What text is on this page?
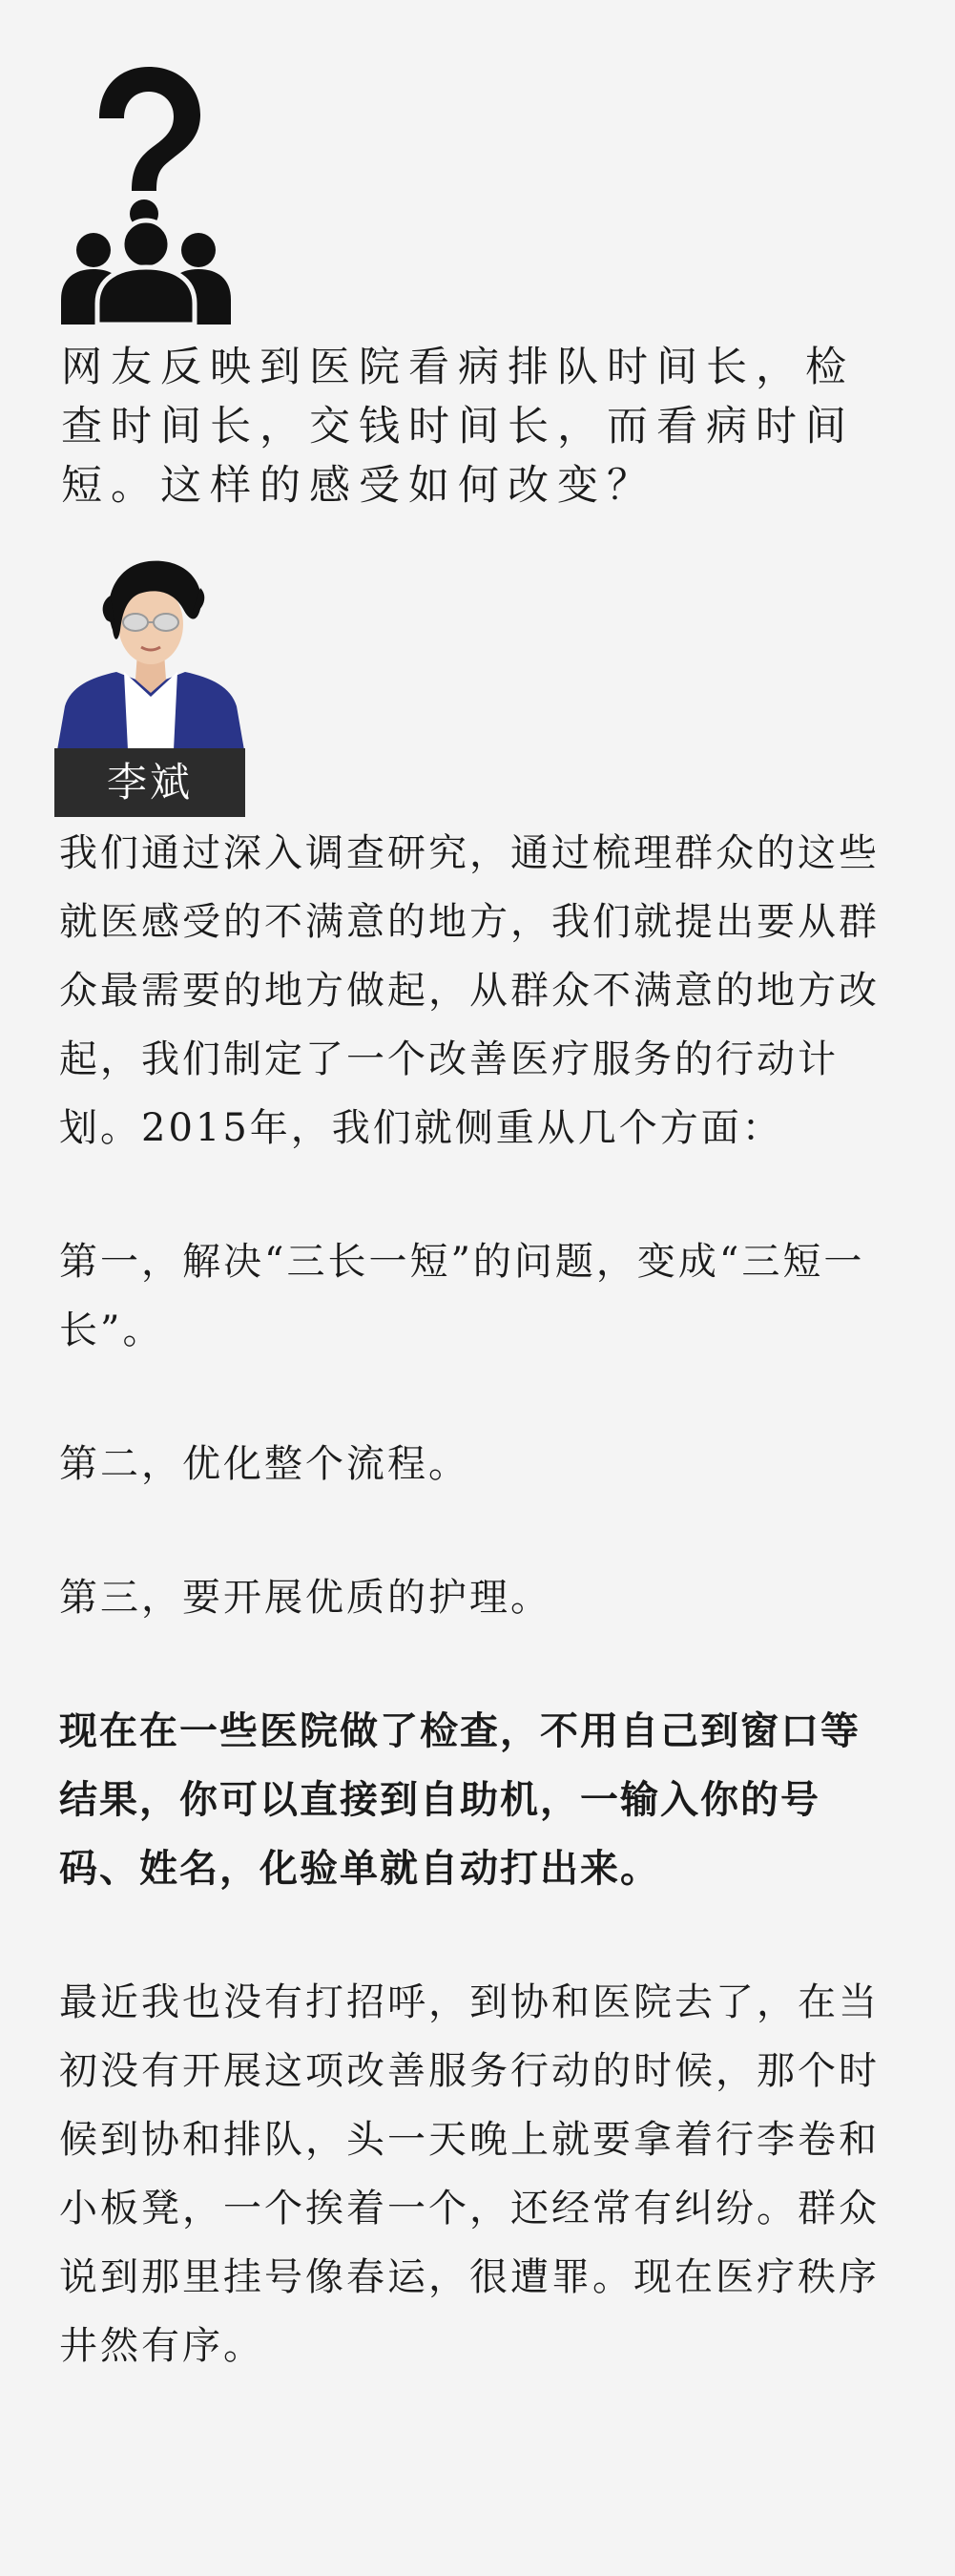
网友反映到医院看病排队时间长，检查时间长，交钱时间长，而看病时间短。这样的感受如何改变？
李斌

我们通过深入调查研究，通过梳理群众的这些就医感受的不满意的地方，我们就提出要从群众最需要的地方做起，从群众不满意的地方改起，我们制定了一个改善医疗服务的行动计划。2015年，我们就侧重从几个方面：

第一，解决“三长一短”的问题，变成“三短一长”。

第二，优化整个流程。

第三，要开展优质的护理。

现在在一些医院做了检查，不用自己到窗口等结果，你可以直接到自助机，一输入你的号码、姓名，化验单就自动打出来。

最近我也没有打招呼，到协和医院去了，在当初没有开展这项改善服务行动的时候，那个时候到协和排队，头一天晚上就要拿着行李卷和小板凳，一个挨着一个，还经常有纠纷。群众说到那里挂号像春运，很遭罪。现在医疗秩序井然有序。
